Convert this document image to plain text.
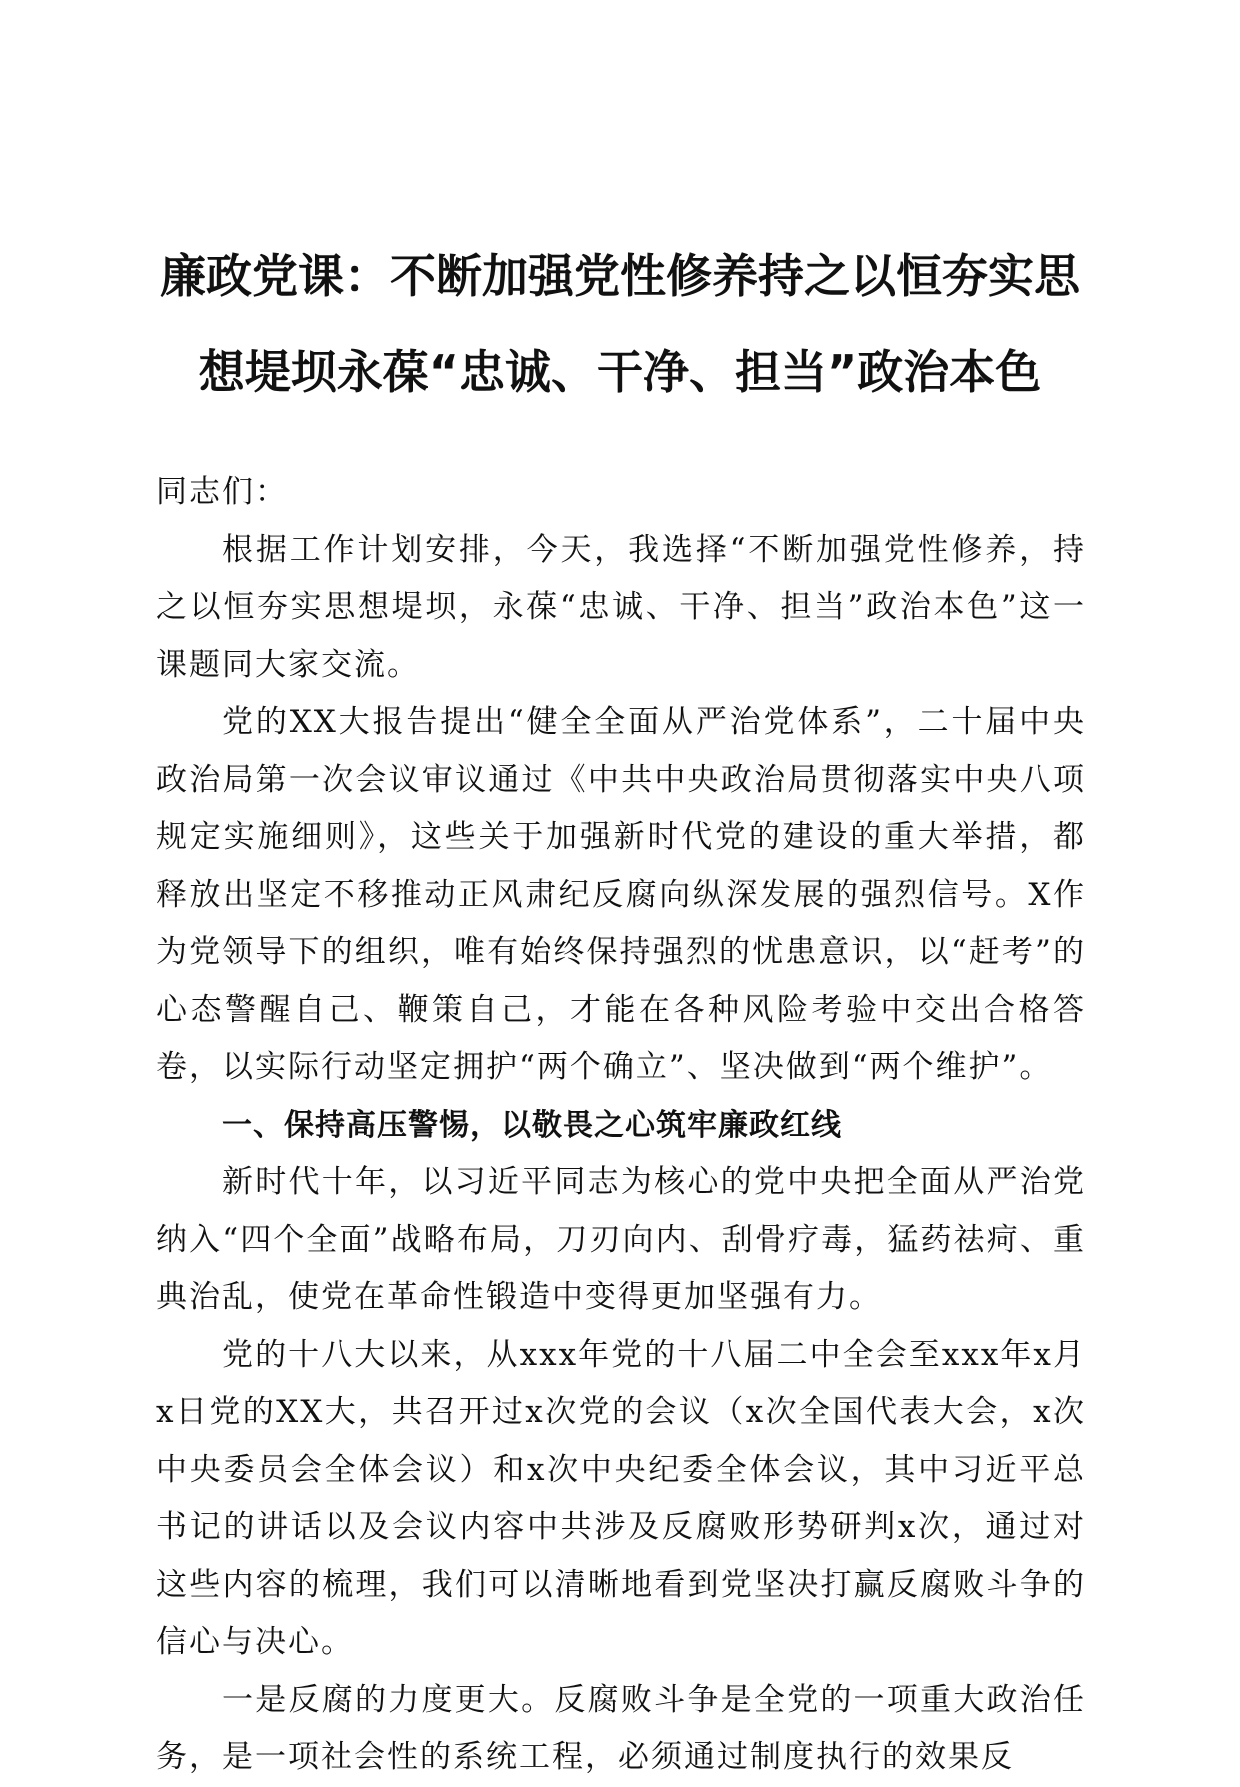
廉政党课：不断加强党性修养持之以恒夯实思
想堤坝永葆“忠诚、干净、担当”政治本色

同志们：

根据工作计划安排，今天，我选择“不断加强党性修养，持之以恒夯实思想堤坝，永葆“忠诚、干净、担当”政治本色”这一课题同大家交流。

党的XX大报告提出“健全全面从严治党体系”，二十届中央政治局第一次会议审议通过《中共中央政治局贯彻落实中央八项规定实施细则》，这些关于加强新时代党的建设的重大举措，都释放出坚定不移推动正风肃纪反腐向纵深发展的强烈信号。X作为党领导下的组织，唯有始终保持强烈的忧患意识，以“赶考”的心态警醒自己、鞭策自己，才能在各种风险考验中交出合格答卷，以实际行动坚定拥护“两个确立”、坚决做到“两个维护”。

一、保持高压警惕，以敬畏之心筑牢廉政红线

新时代十年，以习近平同志为核心的党中央把全面从严治党纳入“四个全面”战略布局，刀刃向内、刮骨疗毒，猛药祛疴、重典治乱，使党在革命性锻造中变得更加坚强有力。

党的十八大以来，从xxx年党的十八届二中全会至xxx年x月x日党的XX大，共召开过x次党的会议（x次全国代表大会，x次中央委员会全体会议）和x次中央纪委全体会议，其中习近平总书记的讲话以及会议内容中共涉及反腐败形势研判x次，通过对这些内容的梳理，我们可以清晰地看到党坚决打赢反腐败斗争的信心与决心。

一是反腐的力度更大。反腐败斗争是全党的一项重大政治任务，是一项社会性的系统工程，必须通过制度执行的效果反
